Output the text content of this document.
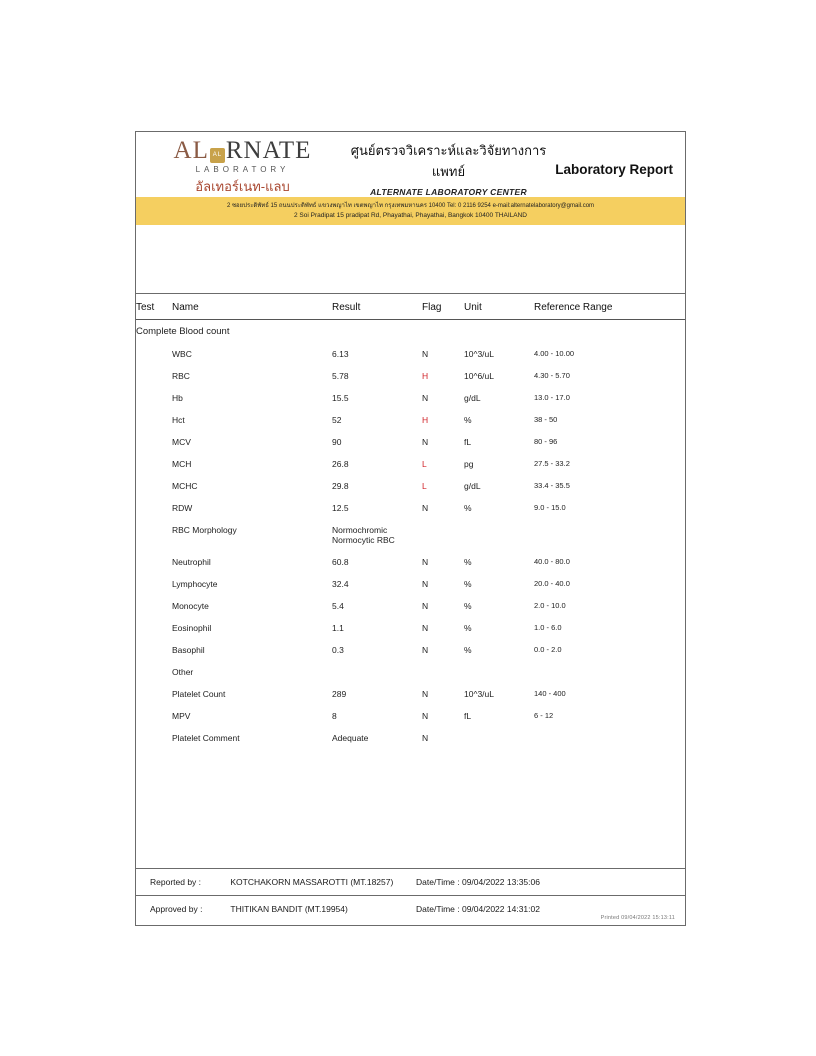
AL AL RNATE
LABORATORY
อัลเทอร์เนท-แลบ
ศูนย์ตรวจวิเคราะห์และวิจัยทางการแพทย์
ALTERNATE LABORATORY CENTER
Laboratory Report
2 ซอยประดิพัทธ์ 15 ถนนประดิพัทธ์ แขวงพญาไท เขตพญาไท กรุงเทพมหานคร 10400 Tel: 0 2116 9254 e-mail:alternatelaboratory@gmail.com
2 Soi Pradipat 15 pradipat Rd, Phayathai, Phayathai, Bangkok 10400 THAILAND
Test	Name	Result	Flag	Unit	Reference Range
Complete Blood count					
	WBC	6.13	N	10^3/uL	4.00 - 10.00
	RBC	5.78	H	10^6/uL	4.30 - 5.70
	Hb	15.5	N	g/dL	13.0 - 17.0
	Hct	52	H	%	38 - 50
	MCV	90	N	fL	80 - 96
	MCH	26.8	L	pg	27.5 - 33.2
	MCHC	29.8	L	g/dL	33.4 - 35.5
	RDW	12.5	N	%	9.0 - 15.0
	RBC Morphology	Normochromic Normocytic RBC			
	Neutrophil	60.8	N	%	40.0 - 80.0
	Lymphocyte	32.4	N	%	20.0 - 40.0
	Monocyte	5.4	N	%	2.0 - 10.0
	Eosinophil	1.1	N	%	1.0 - 6.0
	Basophil	0.3	N	%	0.0 - 2.0
	Other				
	Platelet Count	289	N	10^3/uL	140 - 400
	MPV	8	N	fL	6 - 12
	Platelet Comment	Adequate	N		
Reported by :	KOTCHAKORN MASSAROTTI (MT.18257)	Date/Time : 09/04/2022 13:35:06
Approved by :	THITIKAN BANDIT (MT.19954)	Date/Time : 09/04/2022 14:31:02
Printed 09/04/2022 15:13:11
